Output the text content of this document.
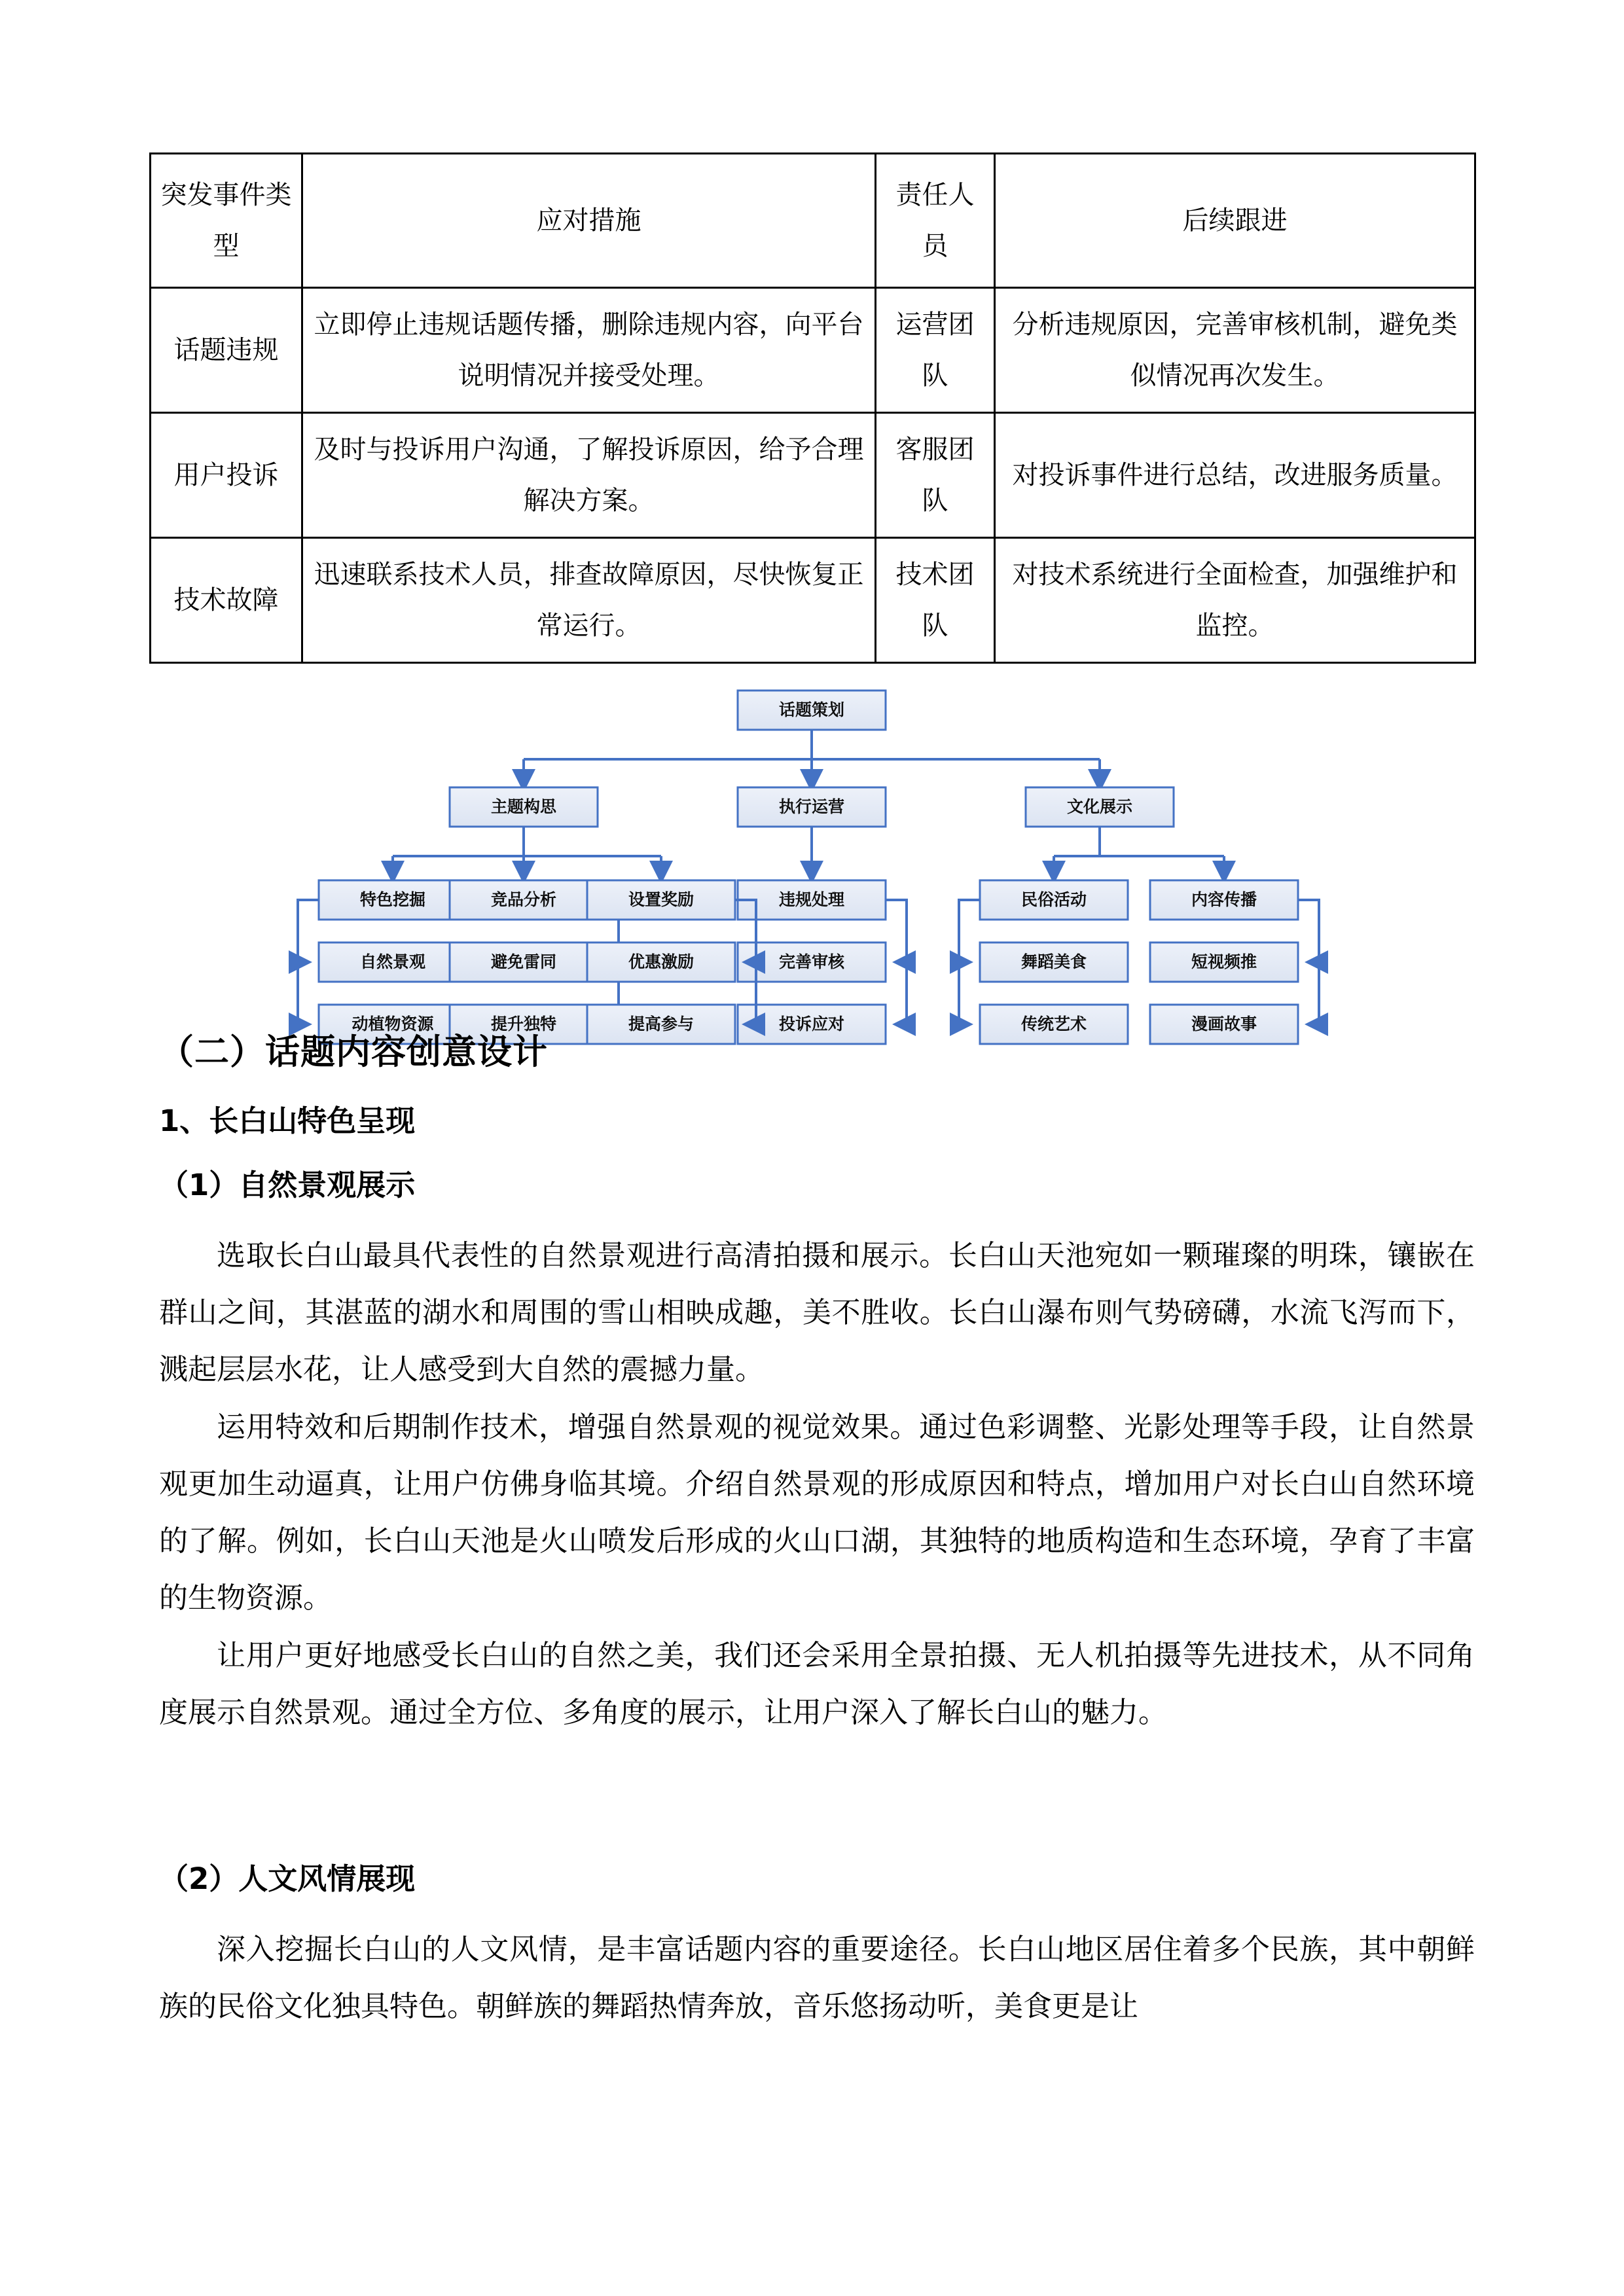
突发事件类型	应对措施	责任人员	后续跟进
话题违规	立即停止违规话题传播，删除违规内容，向平台说明情况并接受处理。	运营团队	分析违规原因，完善审核机制，避免类似情况再次发生。
用户投诉	及时与投诉用户沟通，了解投诉原因，给予合理解决方案。	客服团队	对投诉事件进行总结，改进服务质量。
技术故障	迅速联系技术人员，排查故障原因，尽快恢复正常运行。	技术团队	对技术系统进行全面检查，加强维护和监控。
特色挖掘
自然景观
动植物资源
竞品分析
避免雷同
提升独特
设置奖励
优惠激励
提高参与
违规处理
完善审核
投诉应对
民俗活动
舞蹈美食
传统艺术
内容传播
短视频推
漫画故事
话题策划
主题构思	执行运营	文化展示
（二）话题内容创意设计
1、长白山特色呈现
（1）自然景观展示
选取长白山最具代表性的自然景观进行高清拍摄和展示。长白山天池宛如一颗璀璨的明珠，镶嵌在群山之间，其湛蓝的湖水和周围的雪山相映成趣，美不胜收。长白山瀑布则气势磅礴，水流飞泻而下，溅起层层水花，让人感受到大自然的震撼力量。
运用特效和后期制作技术，增强自然景观的视觉效果。通过色彩调整、光影处理等手段，让自然景观更加生动逼真，让用户仿佛身临其境。介绍自然景观的形成原因和特点，增加用户对长白山自然环境的了解。例如，长白山天池是火山喷发后形成的火山口湖，其独特的地质构造和生态环境，孕育了丰富的生物资源。
让用户更好地感受长白山的自然之美，我们还会采用全景拍摄、无人机拍摄等先进技术，从不同角度展示自然景观。通过全方位、多角度的展示，让用户深入了解长白山的魅力。
（2）人文风情展现
深入挖掘长白山的人文风情，是丰富话题内容的重要途径。长白山地区居住着多个民族，其中朝鲜族的民俗文化独具特色。朝鲜族的舞蹈热情奔放，音乐悠扬动听，美食更是让
